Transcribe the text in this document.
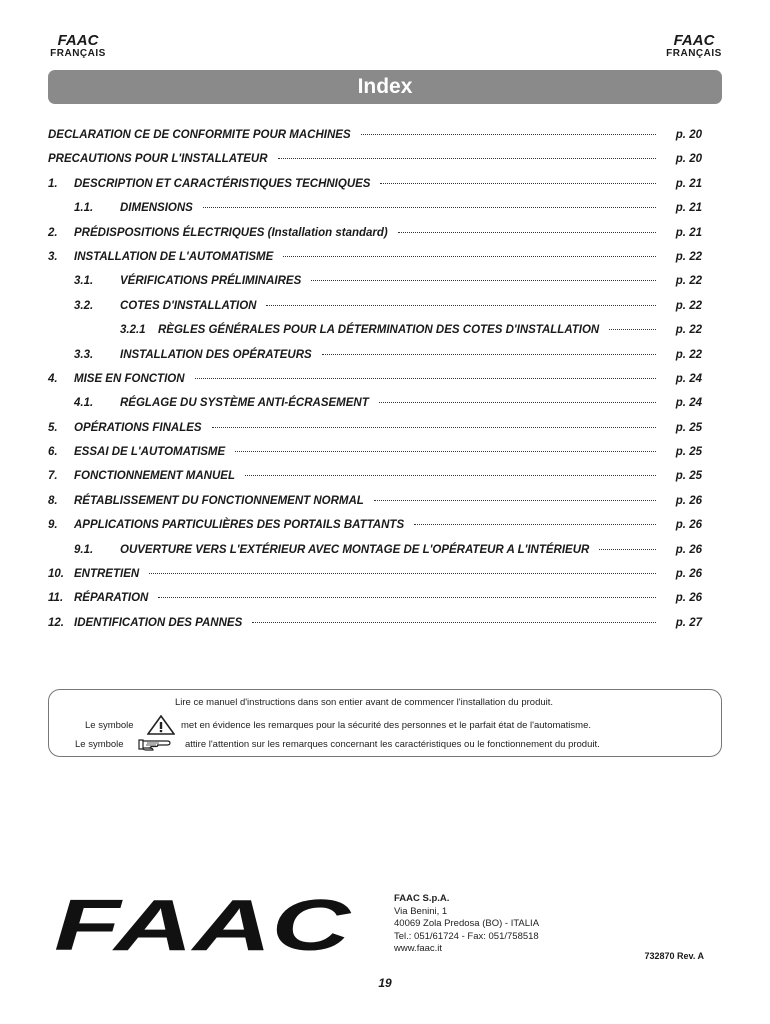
FAAC
FRANÇAIS
FAAC
FRANÇAIS
Index
DECLARATION CE DE CONFORMITE POUR MACHINES	p. 20
PRECAUTIONS POUR L'INSTALLATEUR	p. 20
1.	DESCRIPTION ET CARACTÉRISTIQUES TECHNIQUES	p. 21
1.1.	DIMENSIONS	p. 21
2.	PRÉDISPOSITIONS ÉLECTRIQUES (Installation standard)	p. 21
3.	INSTALLATION DE L'AUTOMATISME	p. 22
3.1.	VÉRIFICATIONS PRÉLIMINAIRES	p. 22
3.2.	COTES D'INSTALLATION	p. 22
3.2.1	RÈGLES GÉNÉRALES POUR LA DÉTERMINATION DES COTES D'INSTALLATION	p. 22
3.3.	INSTALLATION DES OPÉRATEURS	p. 22
4.	MISE EN FONCTION	p. 24
4.1.	RÉGLAGE DU SYSTÈME ANTI-ÉCRASEMENT	p. 24
5.	OPÉRATIONS FINALES	p. 25
6.	ESSAI DE L'AUTOMATISME	p. 25
7.	FONCTIONNEMENT MANUEL	p. 25
8.	RÉTABLISSEMENT DU FONCTIONNEMENT NORMAL	p. 26
9.	APPLICATIONS PARTICULIÈRES DES PORTAILS BATTANTS	p. 26
9.1.	OUVERTURE VERS L'EXTÉRIEUR AVEC MONTAGE DE L'OPÉRATEUR A L'INTÉRIEUR	p. 26
10. ENTRETIEN	p. 26
11. RÉPARATION	p. 26
12. IDENTIFICATION DES PANNES	p. 27
Lire ce manuel d'instructions dans son entier avant de commencer l'installation du produit.
Le symbole	met en évidence les remarques pour la sécurité des personnes et le parfait état de l'automatisme.
Le symbole	attire l'attention sur les remarques concernant les caractéristiques ou le fonctionnement du produit.
FAAC	FAAC S.p.A.
Via Benini, 1
40069 Zola Predosa (BO) - ITALIA
Tel.: 051/61724 - Fax: 051/758518
www.faac.it
732870 Rev. A
19
